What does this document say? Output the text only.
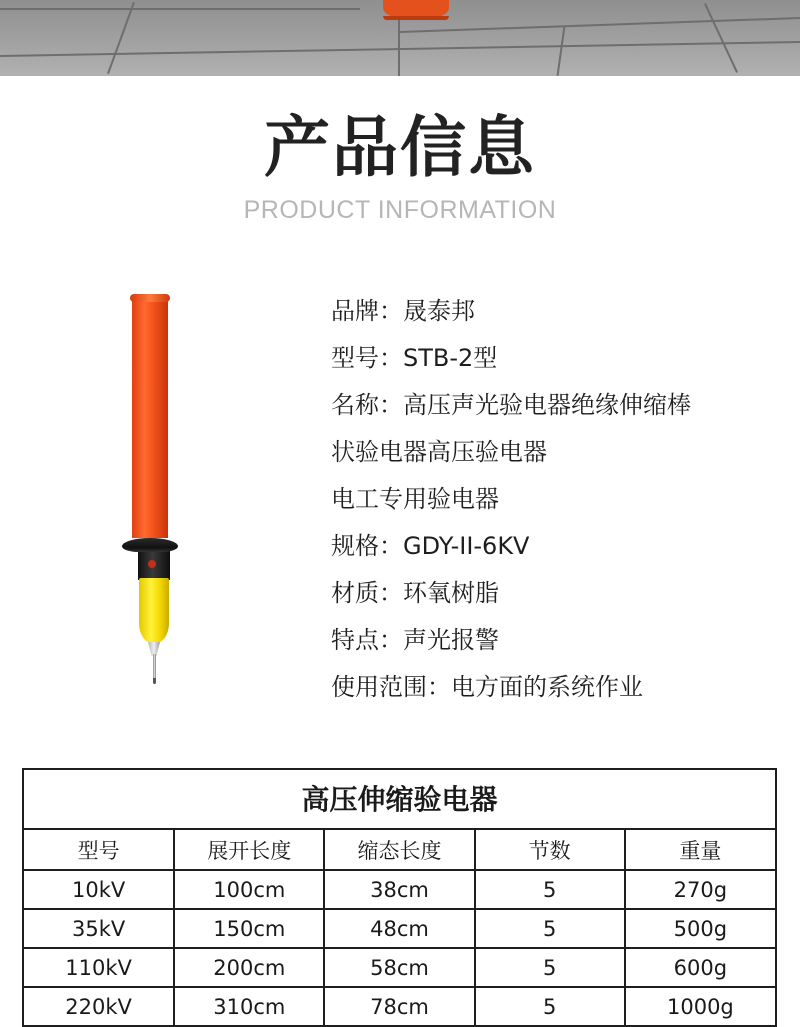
产品信息
PRODUCT INFORMATION
品牌：晟泰邦
型号：STB-2型
名称：高压声光验电器绝缘伸缩棒
状验电器高压验电器
电工专用验电器
规格：GDY-II-6KV
材质：环氧树脂
特点：声光报警
使用范围：电方面的系统作业
高压伸缩验电器
型号	展开长度	缩态长度	节数	重量
10kV	100cm	38cm	5	270g
35kV	150cm	48cm	5	500g
110kV	200cm	58cm	5	600g
220kV	310cm	78cm	5	1000g
